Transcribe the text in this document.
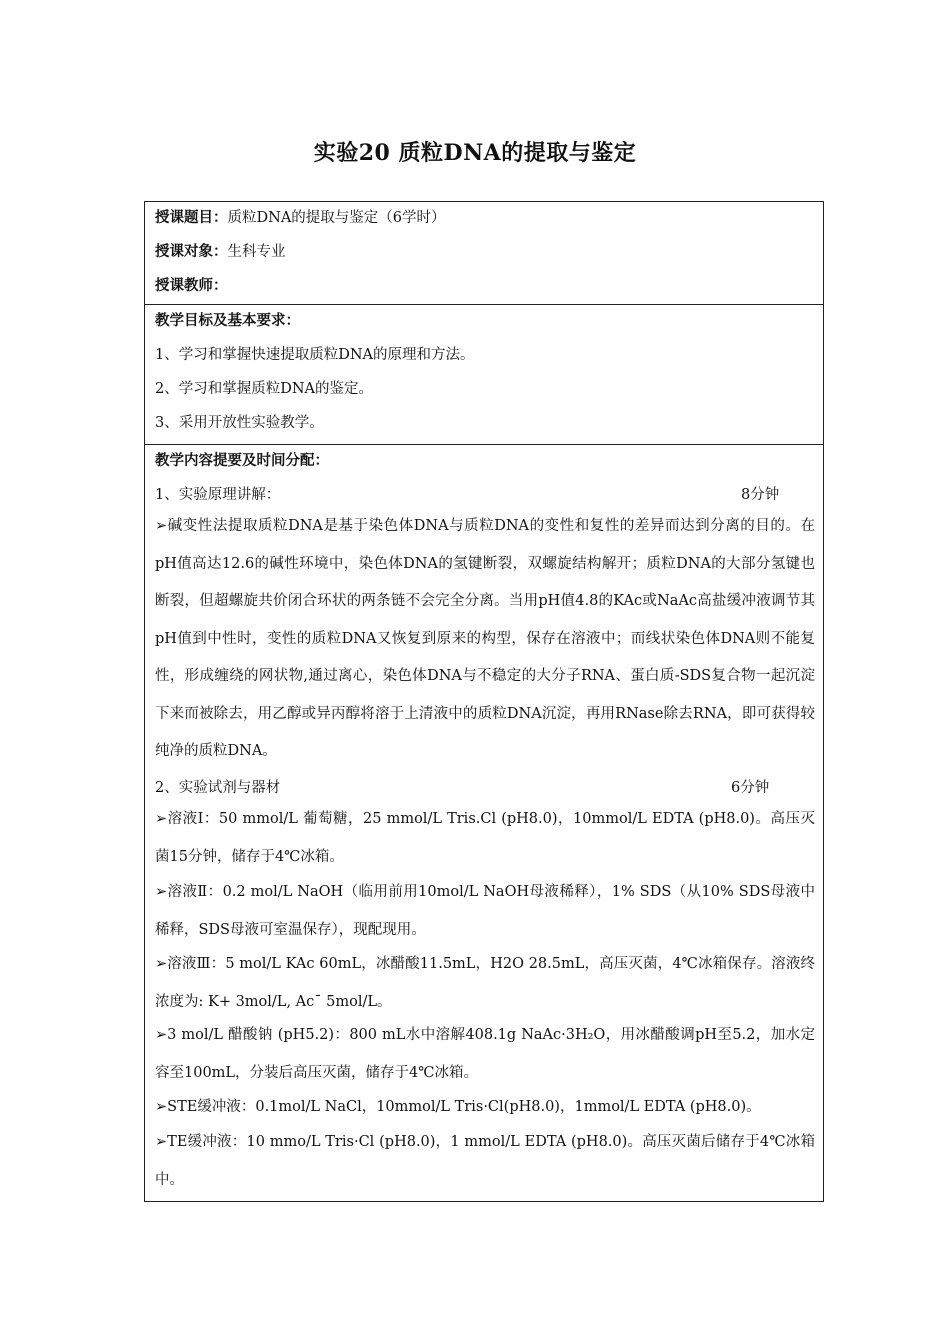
实验20 质粒DNA的提取与鉴定
授课题目：质粒DNA的提取与鉴定（6学时）
授课对象：生科专业
授课教师：
教学目标及基本要求：
1、学习和掌握快速提取质粒DNA的原理和方法。
2、学习和掌握质粒DNA的鉴定。
3、采用开放性实验教学。
教学内容提要及时间分配：
1、实验原理讲解：	8分钟
➢碱变性法提取质粒DNA是基于染色体DNA与质粒DNA的变性和复性的差异而达到分离的目的。在pH值高达12.6的碱性环境中，染色体DNA的氢键断裂，双螺旋结构解开；质粒DNA的大部分氢键也断裂，但超螺旋共价闭合环状的两条链不会完全分离。当用pH值4.8的KAc或NaAc高盐缓冲液调节其pH值到中性时，变性的质粒DNA又恢复到原来的构型，保存在溶液中；而线状染色体DNA则不能复性，形成缠绕的网状物,通过离心，染色体DNA与不稳定的大分子RNA、蛋白质-SDS复合物一起沉淀下来而被除去，用乙醇或异丙醇将溶于上清液中的质粒DNA沉淀，再用RNase除去RNA，即可获得较纯净的质粒DNA。
2、实验试剂与器材	6分钟
➢溶液Ⅰ：50 mmol/L 葡萄糖，25 mmol/L Tris.Cl (pH8.0)，10mmol/L EDTA (pH8.0)。高压灭菌15分钟，储存于4℃冰箱。
➢溶液Ⅱ：0.2 mol/L NaOH（临用前用10mol/L NaOH母液稀释），1% SDS（从10% SDS母液中稀释，SDS母液可室温保存），现配现用。
➢溶液Ⅲ：5 mol/L KAc 60mL，冰醋酸11.5mL，H2O 28.5mL，高压灭菌，4℃冰箱保存。溶液终浓度为: K+ 3mol/L, Ac¯ 5mol/L。
➢3 mol/L 醋酸钠 (pH5.2)：800 mL水中溶解408.1g NaAc·3H₂O，用冰醋酸调pH至5.2，加水定容至100mL，分装后高压灭菌，储存于4℃冰箱。
➢STE缓冲液：0.1mol/L NaCl，10mmol/L Tris·Cl(pH8.0)，1mmol/L EDTA (pH8.0)。
➢TE缓冲液：10 mmo/L Tris·Cl (pH8.0)，1 mmol/L EDTA (pH8.0)。高压灭菌后储存于4℃冰箱中。
